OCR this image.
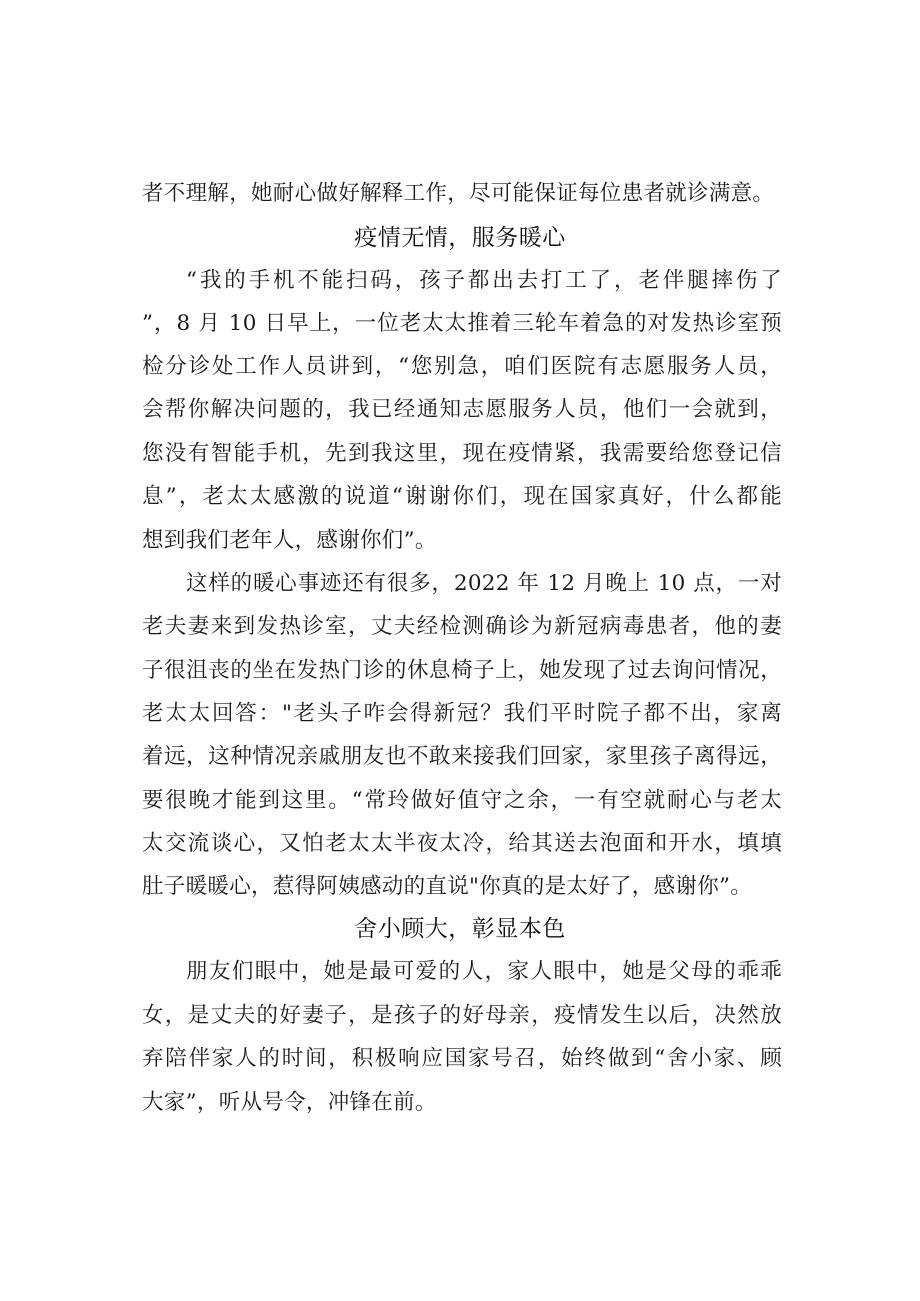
者不理解，她耐心做好解释工作，尽可能保证每位患者就诊满意。
疫情无情，服务暖心
“我的手机不能扫码，孩子都出去打工了，老伴腿摔伤了
”，8 月 10 日早上，一位老太太推着三轮车着急的对发热诊室预
检分诊处工作人员讲到，“您别急，咱们医院有志愿服务人员，
会帮你解决问题的，我已经通知志愿服务人员，他们一会就到，
您没有智能手机，先到我这里，现在疫情紧，我需要给您登记信
息”，老太太感激的说道“谢谢你们，现在国家真好，什么都能
想到我们老年人，感谢你们”。
这样的暖心事迹还有很多，2022 年 12 月晚上 10 点，一对
老夫妻来到发热诊室，丈夫经检测确诊为新冠病毒患者，他的妻
子很沮丧的坐在发热门诊的休息椅子上，她发现了过去询问情况，
老太太回答："老头子咋会得新冠？我们平时院子都不出，家离
着远，这种情况亲戚朋友也不敢来接我们回家，家里孩子离得远，
要很晚才能到这里。“常玲做好值守之余，一有空就耐心与老太
太交流谈心，又怕老太太半夜太冷，给其送去泡面和开水，填填
肚子暖暖心，惹得阿姨感动的直说"你真的是太好了，感谢你”。
舍小顾大，彰显本色
朋友们眼中，她是最可爱的人，家人眼中，她是父母的乖乖
女，是丈夫的好妻子，是孩子的好母亲，疫情发生以后，决然放
弃陪伴家人的时间，积极响应国家号召，始终做到“舍小家、顾
大家”，听从号令，冲锋在前。
